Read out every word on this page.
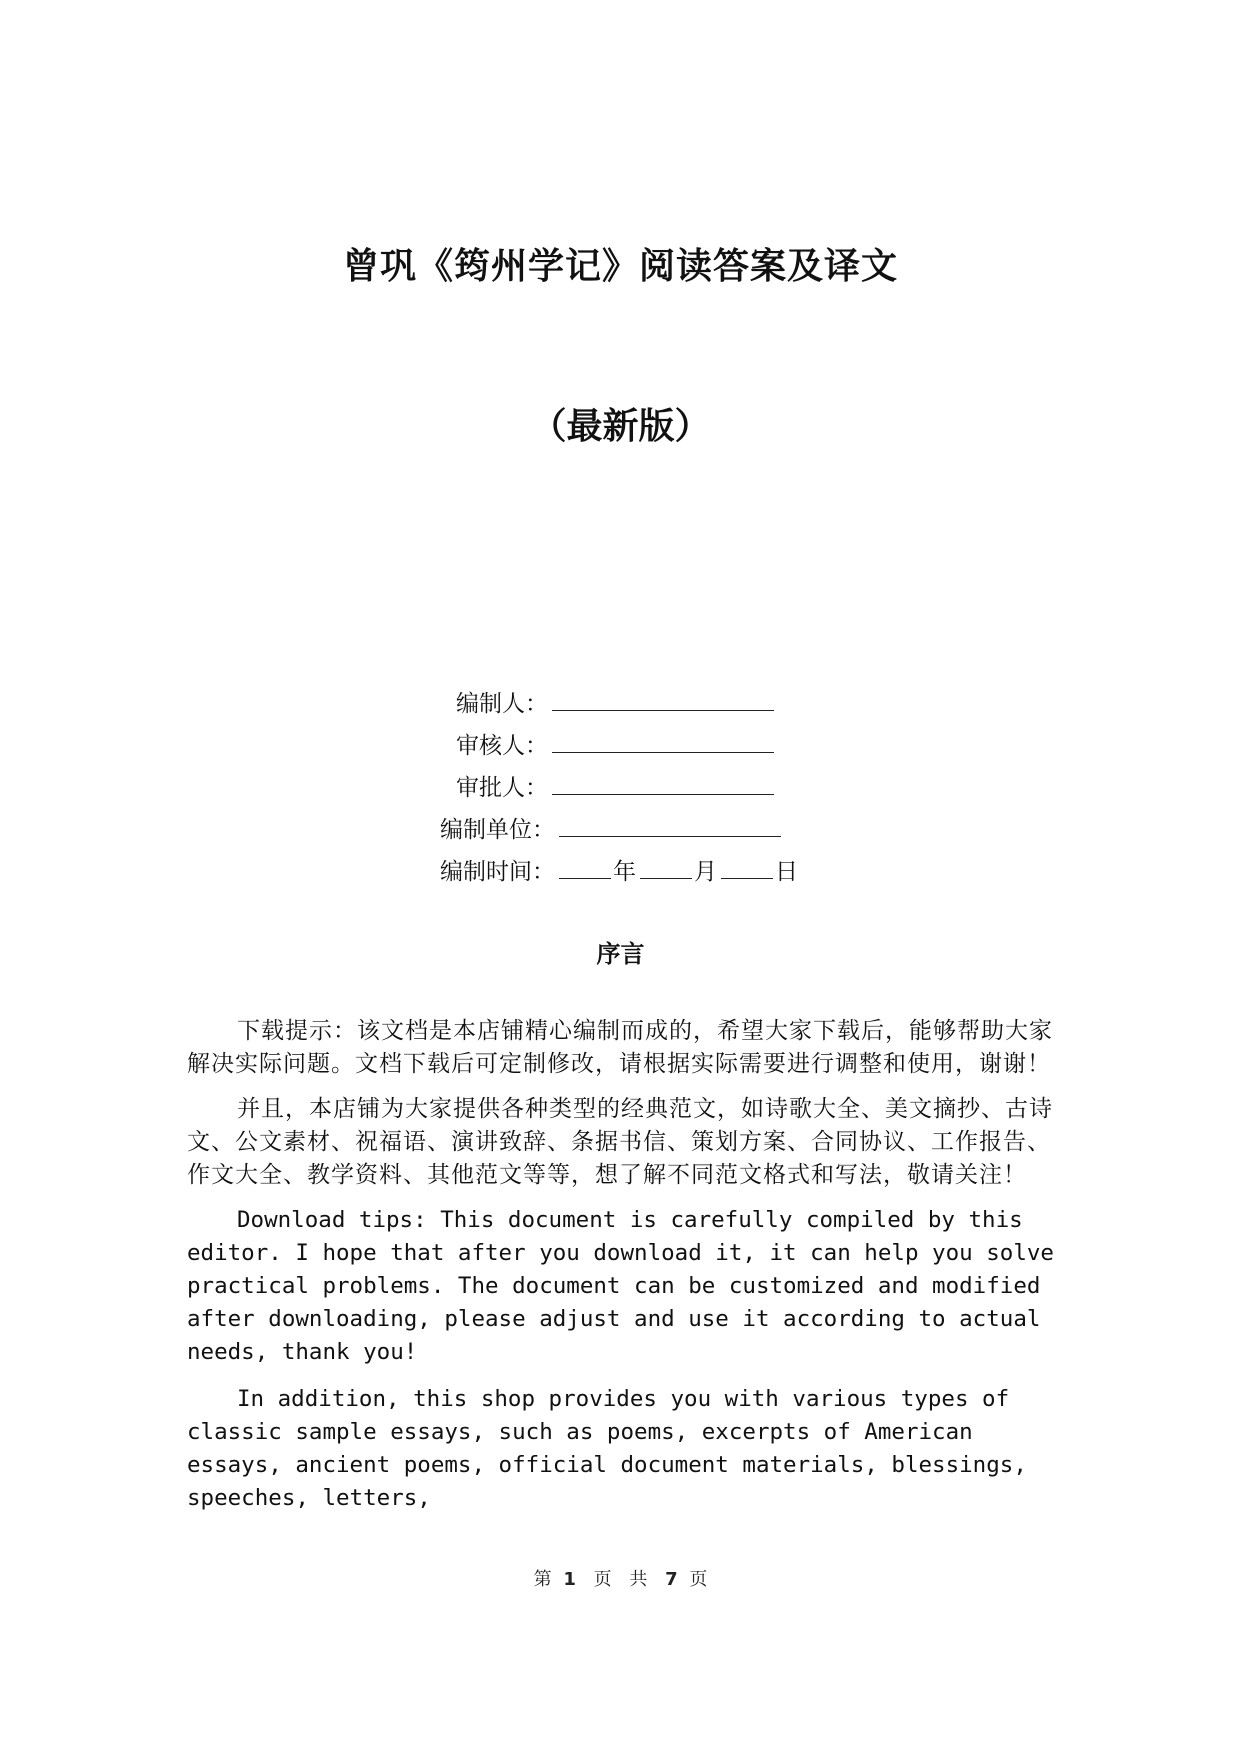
曾巩《筠州学记》阅读答案及译文
（最新版）
编制人：
审核人：
审批人：
编制单位：
编制时间：	年	月	日
序言

下载提示：该文档是本店铺精心编制而成的，希望大家下载后，能够帮助大家解决实际问题。文档下载后可定制修改，请根据实际需要进行调整和使用，谢谢！

并且，本店铺为大家提供各种类型的经典范文，如诗歌大全、美文摘抄、古诗文、公文素材、祝福语、演讲致辞、条据书信、策划方案、合同协议、工作报告、作文大全、教学资料、其他范文等等，想了解不同范文格式和写法，敬请关注！

Download tips: This document is carefully compiled by this editor. I hope that after you download it, it can help you solve practical problems. The document can be customized and modified after downloading, please adjust and use it according to actual needs, thank you!

In addition, this shop provides you with various types of classic sample essays, such as poems, excerpts of American essays, ancient poems, official document materials, blessings, speeches, letters,

第 1 页 共 7 页
